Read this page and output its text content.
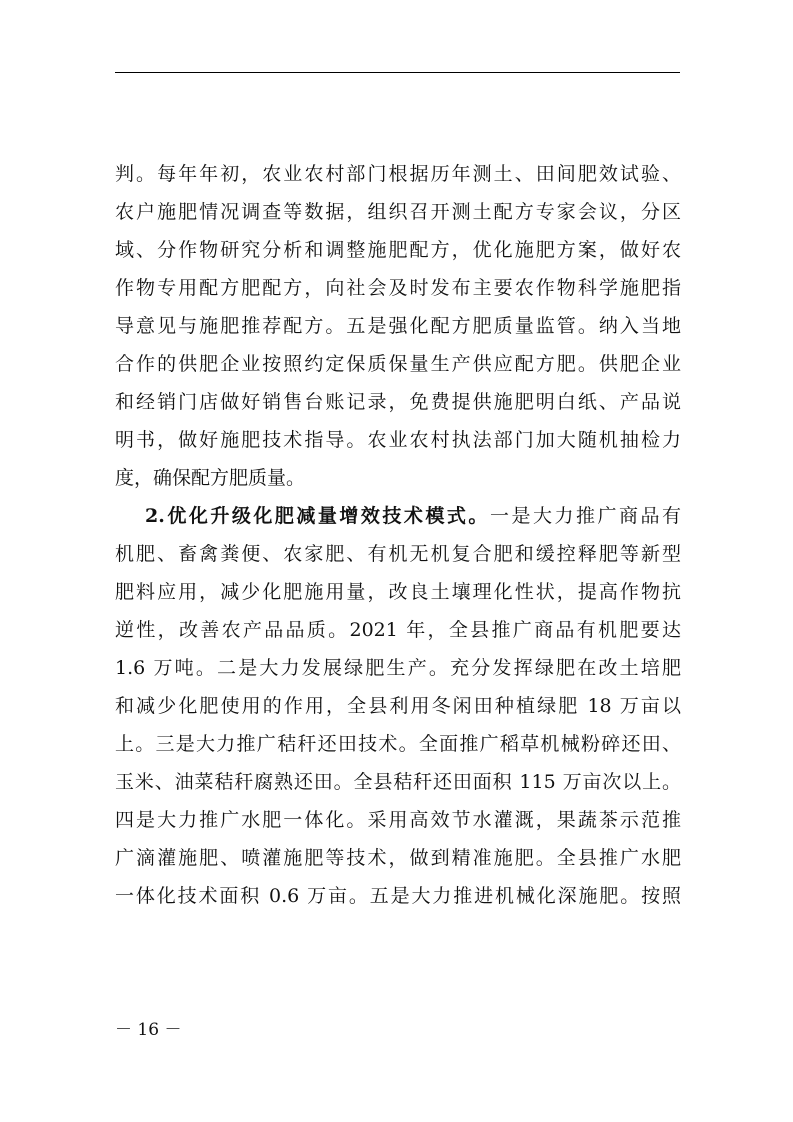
判。每年年初，农业农村部门根据历年测土、田间肥效试验、
农户施肥情况调查等数据，组织召开测土配方专家会议，分区
域、分作物研究分析和调整施肥配方，优化施肥方案，做好农
作物专用配方肥配方，向社会及时发布主要农作物科学施肥指
导意见与施肥推荐配方。五是强化配方肥质量监管。纳入当地
合作的供肥企业按照约定保质保量生产供应配方肥。供肥企业
和经销门店做好销售台账记录，免费提供施肥明白纸、产品说
明书，做好施肥技术指导。农业农村执法部门加大随机抽检力
度，确保配方肥质量。
2.优化升级化肥减量增效技术模式。一是大力推广商品有
机肥、畜禽粪便、农家肥、有机无机复合肥和缓控释肥等新型
肥料应用，减少化肥施用量，改良土壤理化性状，提高作物抗
逆性，改善农产品品质。2021 年，全县推广商品有机肥要达
1.6 万吨。二是大力发展绿肥生产。充分发挥绿肥在改土培肥
和减少化肥使用的作用，全县利用冬闲田种植绿肥 18 万亩以
上。三是大力推广秸秆还田技术。全面推广稻草机械粉碎还田、
玉米、油菜秸秆腐熟还田。全县秸秆还田面积 115 万亩次以上。
四是大力推广水肥一体化。采用高效节水灌溉，果蔬茶示范推
广滴灌施肥、喷灌施肥等技术，做到精准施肥。全县推广水肥
一体化技术面积 0.6 万亩。五是大力推进机械化深施肥。按照
－ 16 －
